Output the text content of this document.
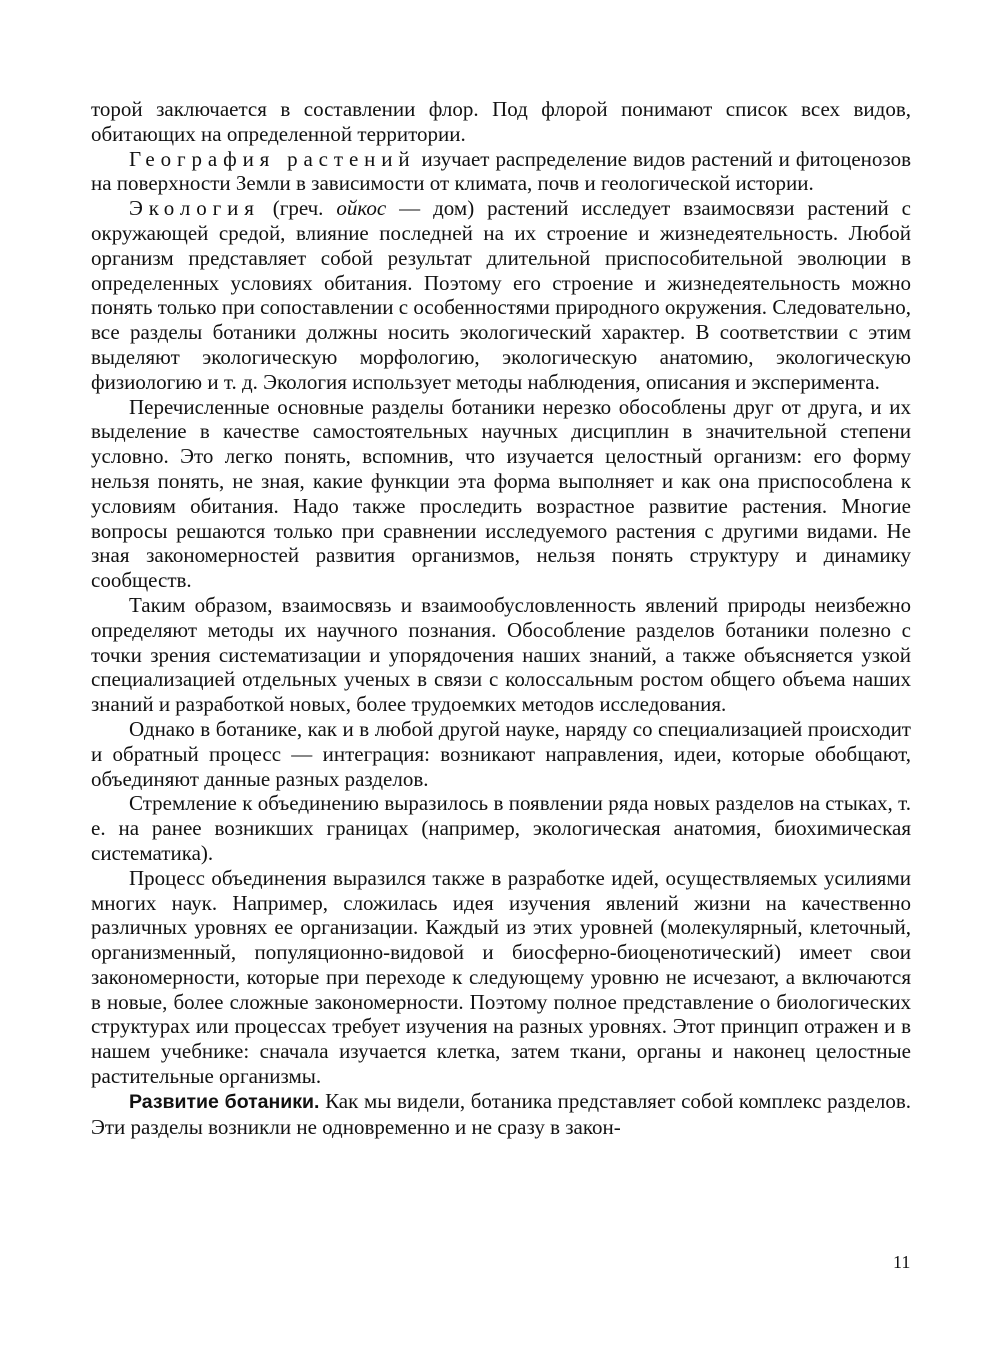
торой заключается в составлении флор. Под флорой понимают список всех видов, обитающих на определенной территории.

География растений изучает распределение видов растений и фитоценозов на поверхности Земли в зависимости от климата, почв и геологической истории.

Экология (греч. ойкос — дом) растений исследует взаимосвязи растений с окружающей средой, влияние последней на их строение и жизнедеятельность. Любой организм представляет собой результат длительной приспособительной эволюции в определенных условиях обитания. Поэтому его строение и жизнедеятельность можно понять только при сопоставлении с особенностями природного окружения. Следовательно, все разделы ботаники должны носить экологический характер. В соответствии с этим выделяют экологическую морфологию, экологическую анатомию, экологическую физиологию и т. д. Экология использует методы наблюдения, описания и эксперимента.

Перечисленные основные разделы ботаники нерезко обособлены друг от друга, и их выделение в качестве самостоятельных научных дисциплин в значительной степени условно. Это легко понять, вспомнив, что изучается целостный организм: его форму нельзя понять, не зная, какие функции эта форма выполняет и как она приспособлена к условиям обитания. Надо также проследить возрастное развитие растения. Многие вопросы решаются только при сравнении исследуемого растения с другими видами. Не зная закономерностей развития организмов, нельзя понять структуру и динамику сообществ.

Таким образом, взаимосвязь и взаимообусловленность явлений природы неизбежно определяют методы их научного познания. Обособление разделов ботаники полезно с точки зрения систематизации и упорядочения наших знаний, а также объясняется узкой специализацией отдельных ученых в связи с колоссальным ростом общего объема наших знаний и разработкой новых, более трудоемких методов исследования.

Однако в ботанике, как и в любой другой науке, наряду со специализацией происходит и обратный процесс — интеграция: возникают направления, идеи, которые обобщают, объединяют данные разных разделов.

Стремление к объединению выразилось в появлении ряда новых разделов на стыках, т. е. на ранее возникших границах (например, экологическая анатомия, биохимическая систематика).

Процесс объединения выразился также в разработке идей, осуществляемых усилиями многих наук. Например, сложилась идея изучения явлений жизни на качественно различных уровнях ее организации. Каждый из этих уровней (молекулярный, клеточный, организменный, популяционно-видовой и биосферно-биоценотический) имеет свои закономерности, которые при переходе к следующему уровню не исчезают, а включаются в новые, более сложные закономерности. Поэтому полное представление о биологических структурах или процессах требует изучения на разных уровнях. Этот принцип отражен и в нашем учебнике: сначала изучается клетка, затем ткани, органы и наконец целостные растительные организмы.

Развитие ботаники. Как мы видели, ботаника представляет собой комплекс разделов. Эти разделы возникли не одновременно и не сразу в закон-

11
